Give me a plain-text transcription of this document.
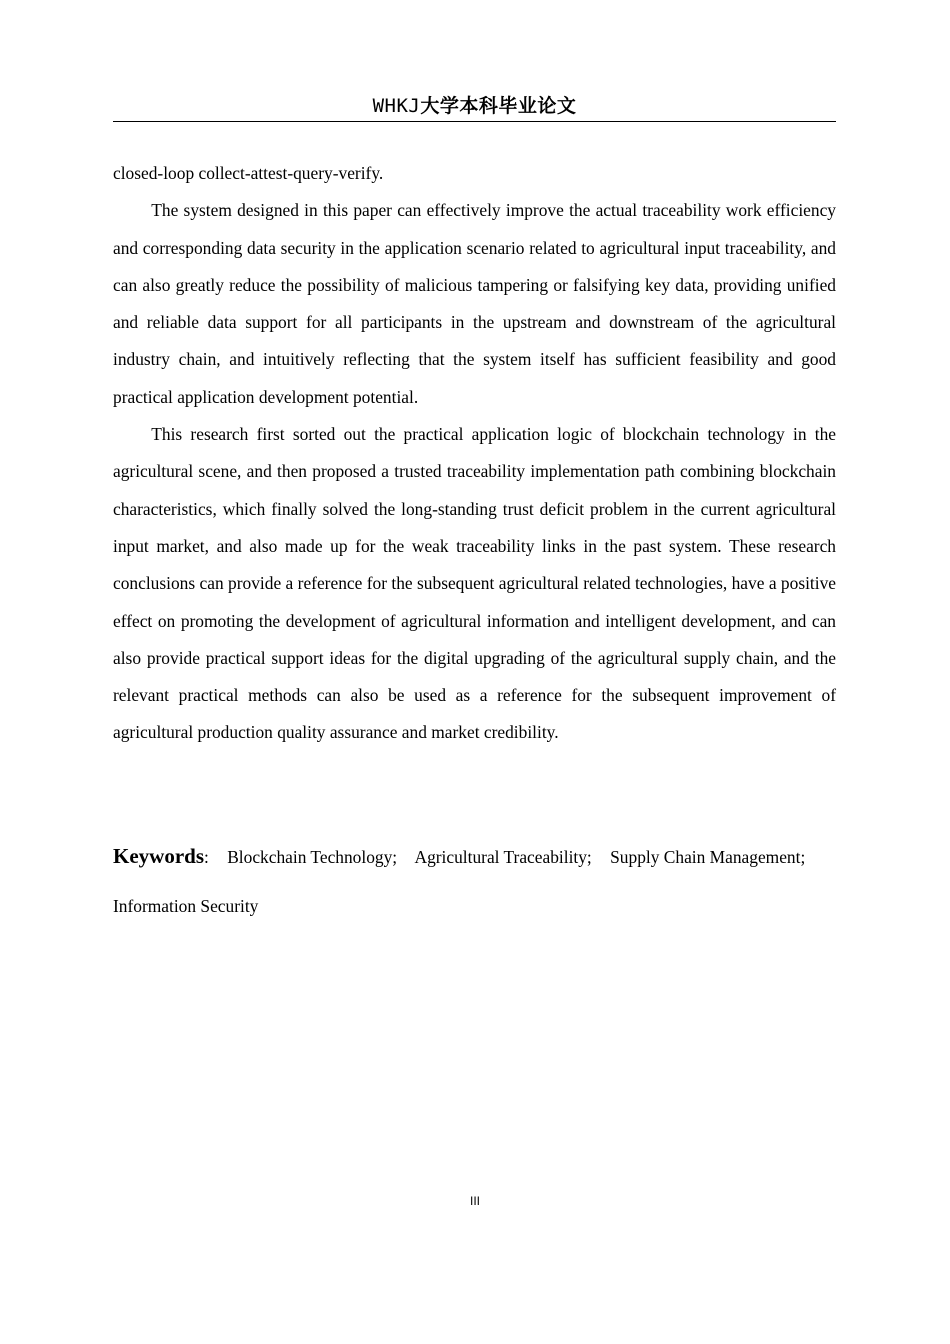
WHKJ大学本科毕业论文

closed-loop collect-attest-query-verify.

The system designed in this paper can effectively improve the actual traceability work efficiency and corresponding data security in the application scenario related to agricultural input traceability, and can also greatly reduce the possibility of malicious tampering or falsifying key data, providing unified and reliable data support for all participants in the upstream and downstream of the agricultural industry chain, and intuitively reflecting that the system itself has sufficient feasibility and good practical application development potential.

This research first sorted out the practical application logic of blockchain technology in the agricultural scene, and then proposed a trusted traceability implementation path combining blockchain characteristics, which finally solved the long-standing trust deficit problem in the current agricultural input market, and also made up for the weak traceability links in the past system. These research conclusions can provide a reference for the subsequent agricultural related technologies, have a positive effect on promoting the development of agricultural information and intelligent development, and can also provide practical support ideas for the digital upgrading of the agricultural supply chain, and the relevant practical methods can also be used as a reference for the subsequent improvement of agricultural production quality assurance and market credibility.

Keywords: Blockchain Technology; Agricultural Traceability; Supply Chain Management; Information Security
III
